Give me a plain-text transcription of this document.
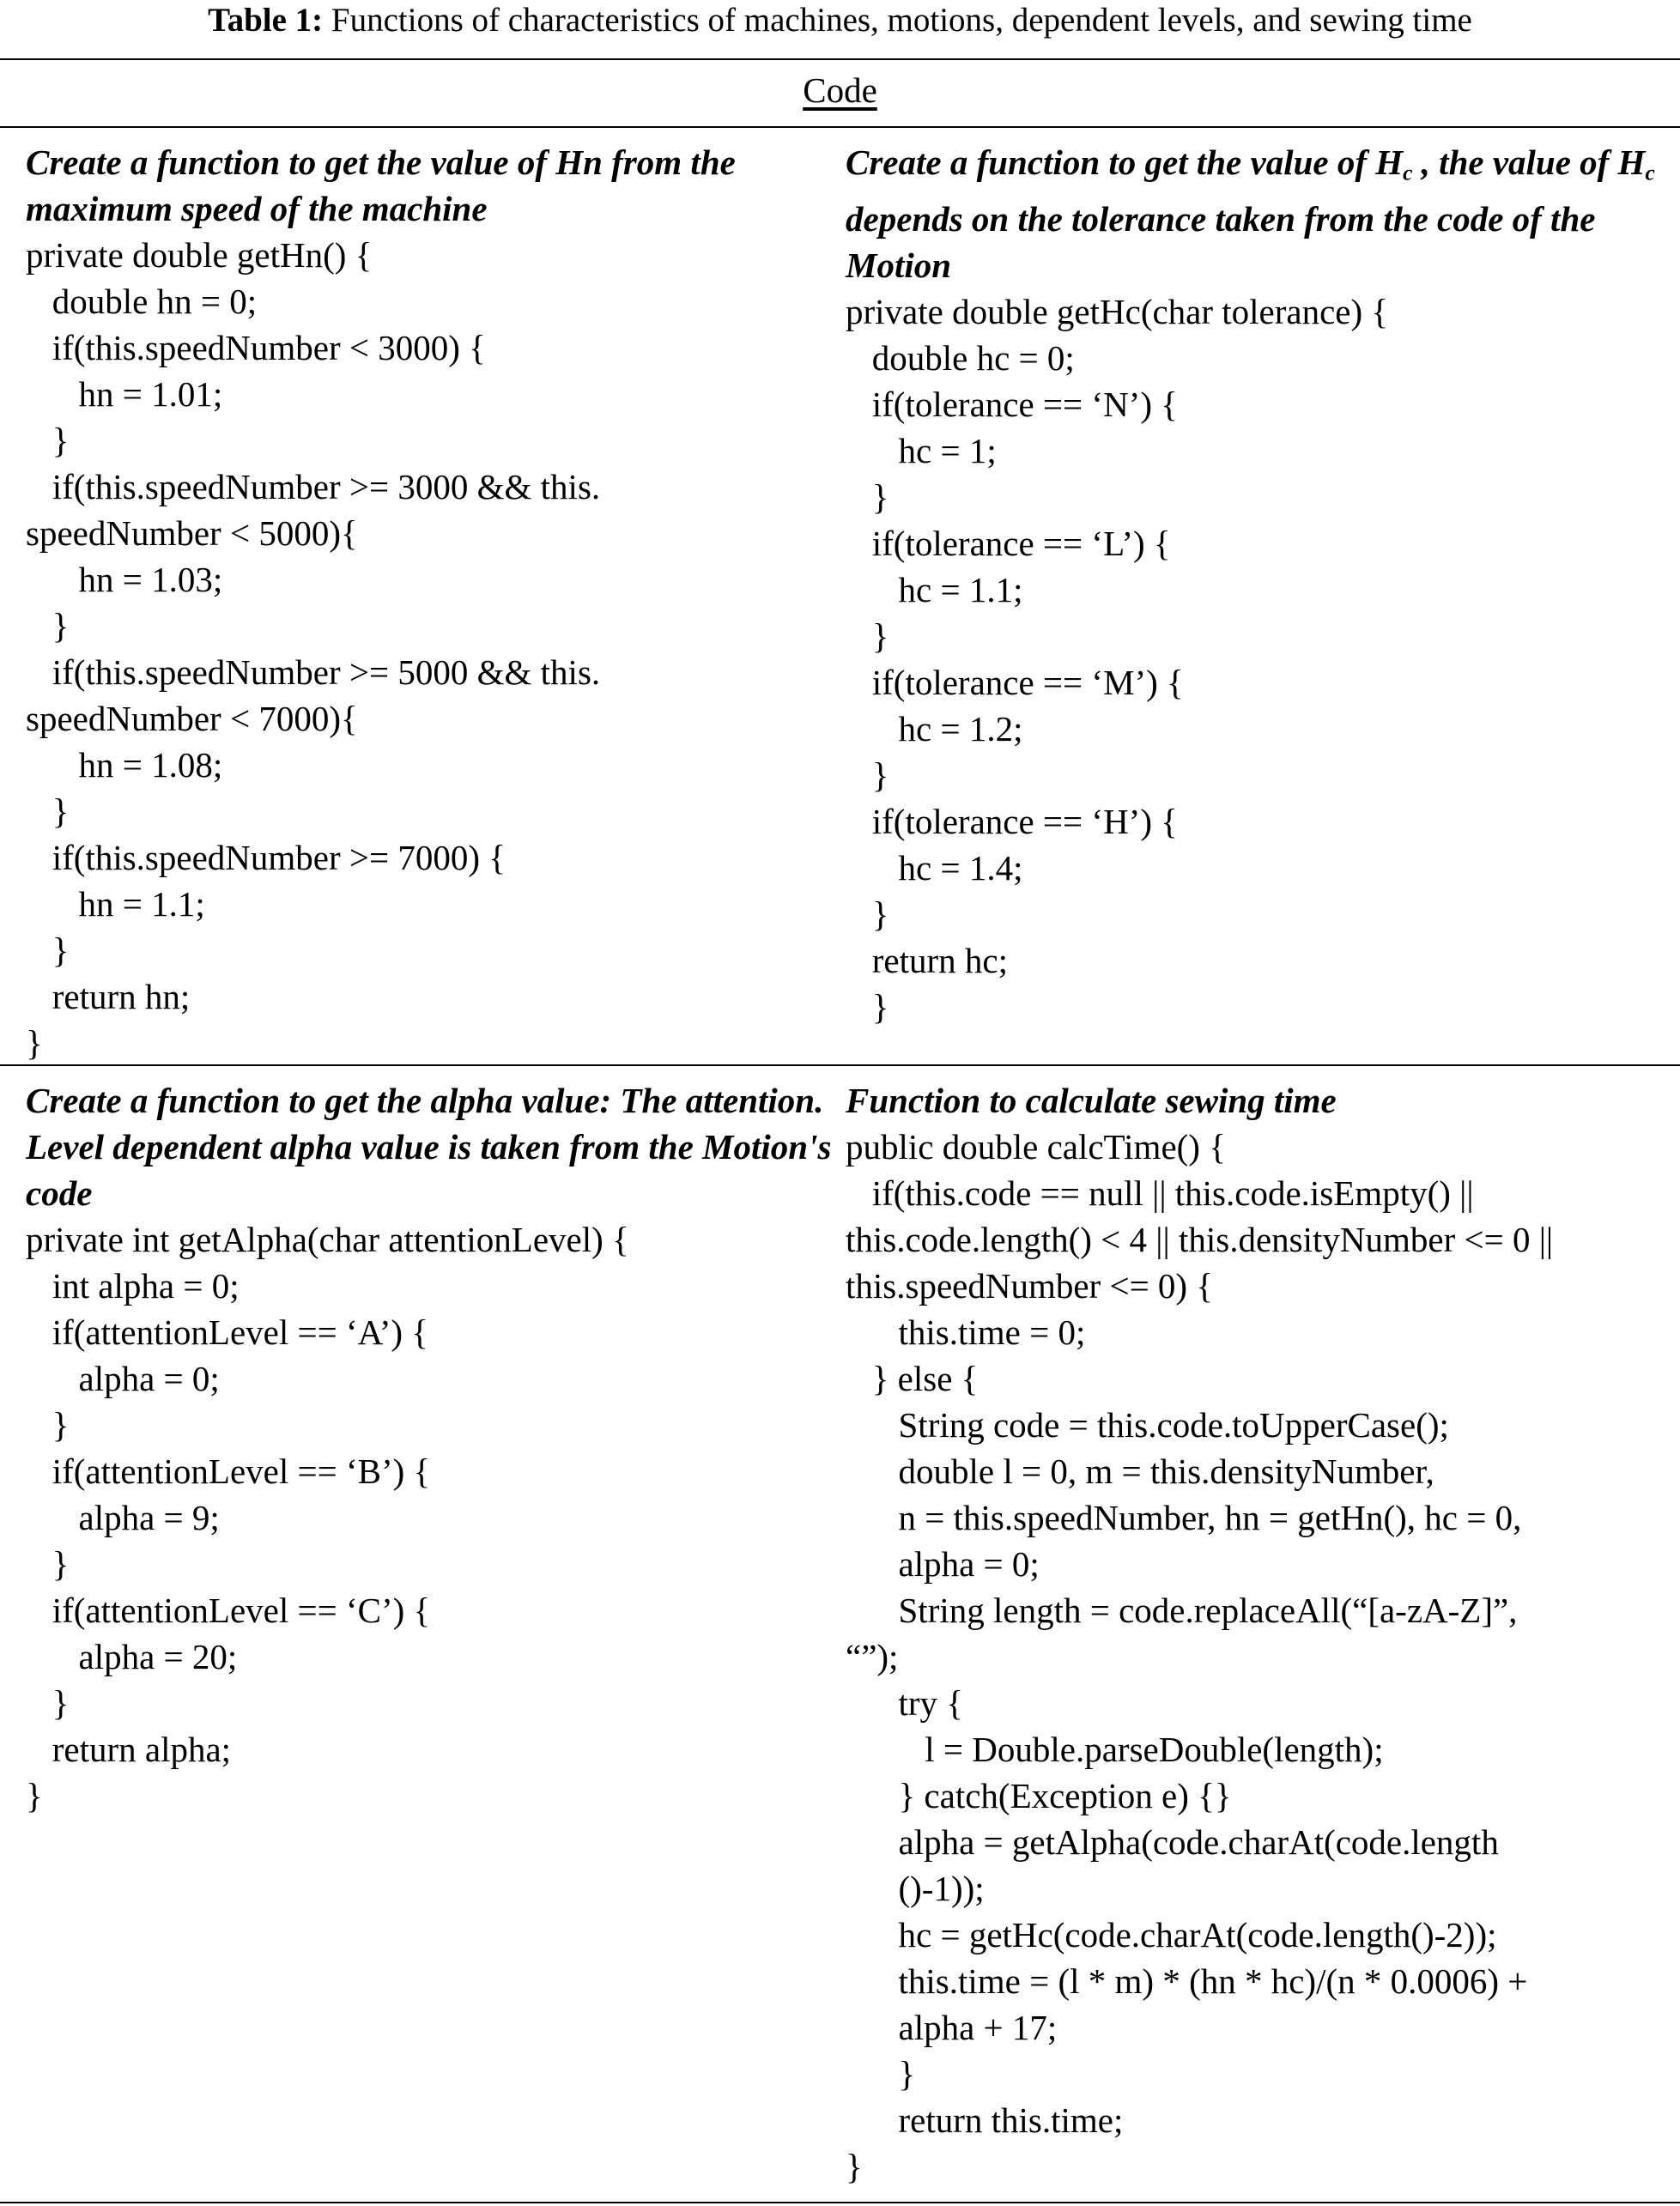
Table 1: Functions of characteristics of machines, motions, dependent levels, and sewing time
Code

Create a function to get the value of Hn from the maximum speed of the machine

private double getHn() {
double hn = 0;
if(this.speedNumber < 3000) {
hn = 1.01;
}
if(this.speedNumber >= 3000 && this.
speedNumber < 5000){
hn = 1.03;
}
if(this.speedNumber >= 5000 && this.
speedNumber < 7000){
hn = 1.08;
}
if(this.speedNumber >= 7000) {
hn = 1.1;
}
return hn;
}

Create a function to get the value of $H_c$ , the value of $H_c$ depends on the tolerance taken from the code of the Motion

private double getHc(char tolerance) {
double hc = 0;
if(tolerance == ‘N’) {
hc = 1;
}
if(tolerance == ‘L’) {
hc = 1.1;
}
if(tolerance == ‘M’) {
hc = 1.2;
}
if(tolerance == ‘H’) {
hc = 1.4;
}
return hc;
}

Create a function to get the alpha value: The attention. Level dependent alpha value is taken from the Motion's code

private int getAlpha(char attentionLevel) {
int alpha = 0;
if(attentionLevel == ‘A’) {
alpha = 0;
}
if(attentionLevel == ‘B’) {
alpha = 9;
}
if(attentionLevel == ‘C’) {
alpha = 20;
}
return alpha;
}

Function to calculate sewing time

public double calcTime() {
if(this.code == null || this.code.isEmpty() ||
this.code.length() < 4 || this.densityNumber <= 0 ||
this.speedNumber <= 0) {
this.time = 0;
} else {
String code = this.code.toUpperCase();
double l = 0, m = this.densityNumber,
n = this.speedNumber, hn = getHn(), hc = 0,
alpha = 0;
String length = code.replaceAll(“[a-zA-Z]”,
“”);
try {
l = Double.parseDouble(length);
} catch(Exception e) {}
alpha = getAlpha(code.charAt(code.length
()-1));
hc = getHc(code.charAt(code.length()-2));
this.time = (l * m) * (hn * hc)/(n * 0.0006) +
alpha + 17;
}
return this.time;
}
